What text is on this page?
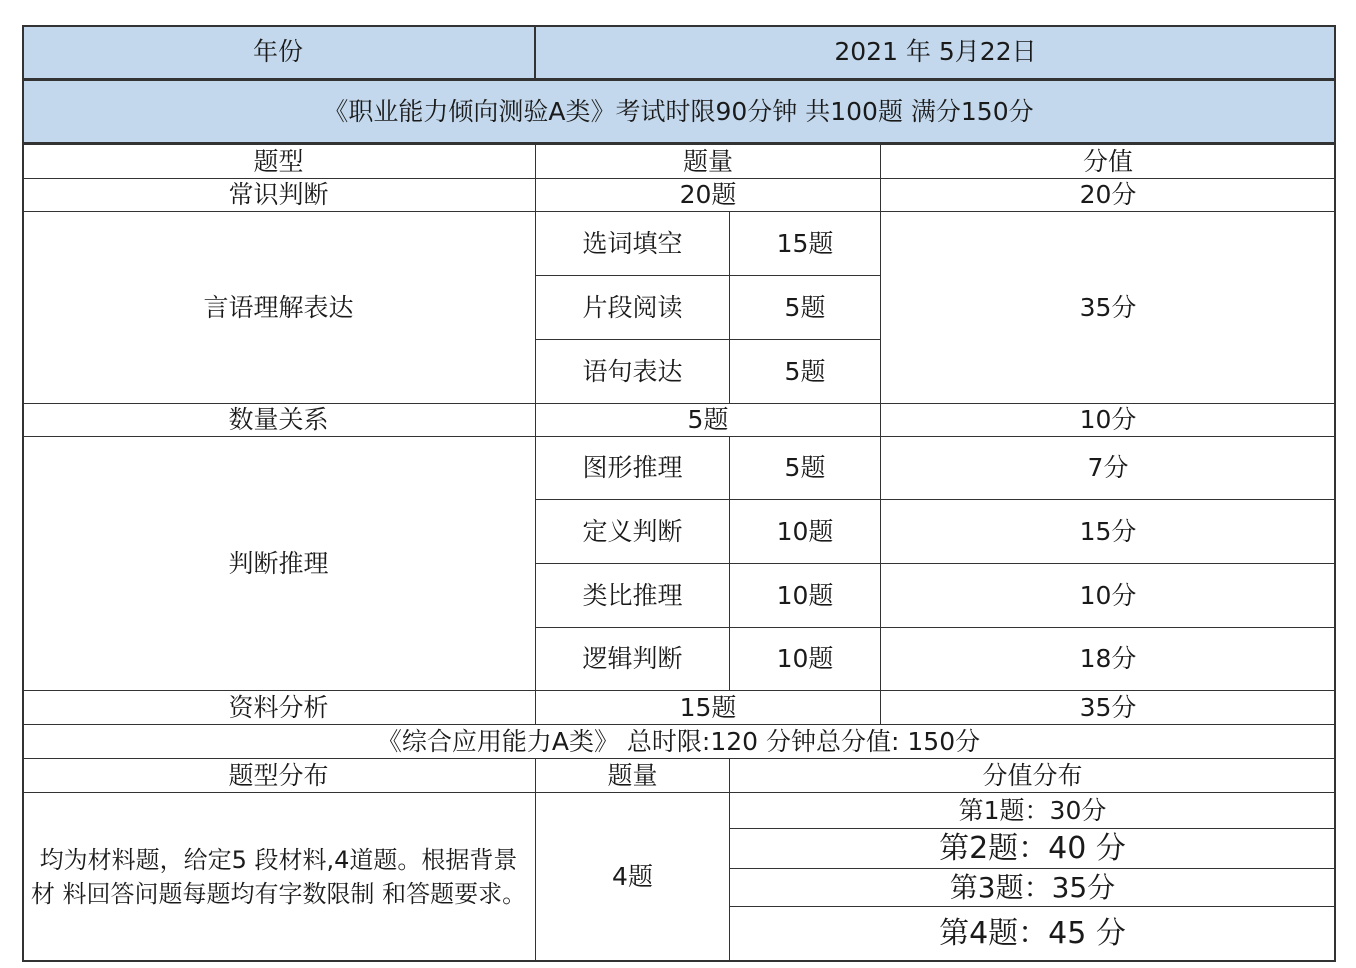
年份	2021 年 5月22日
《职业能力倾向测验A类》考试时限90分钟 共100题 满分150分
题型	题量	分值
常识判断	20题	20分
言语理解表达
选词填空	15题
片段阅读	5题
语句表达	5题
35分
数量关系	5题	10分
判断推理
图形推理	5题	7分
定义判断	10题	15分
类比推理	10题	10分
逻辑判断	10题	18分
资料分析	15题	35分
《综合应用能力A类》 总时限:120 分钟总分值: 150分
题型分布	题量	分值分布
均为材料题，给定5 段材料,4道题。根据背景材 料回答问题每题均有字数限制 和答题要求。
4题
第1题：30分
第2题：40 分
第3题：35分
第4题：45 分
